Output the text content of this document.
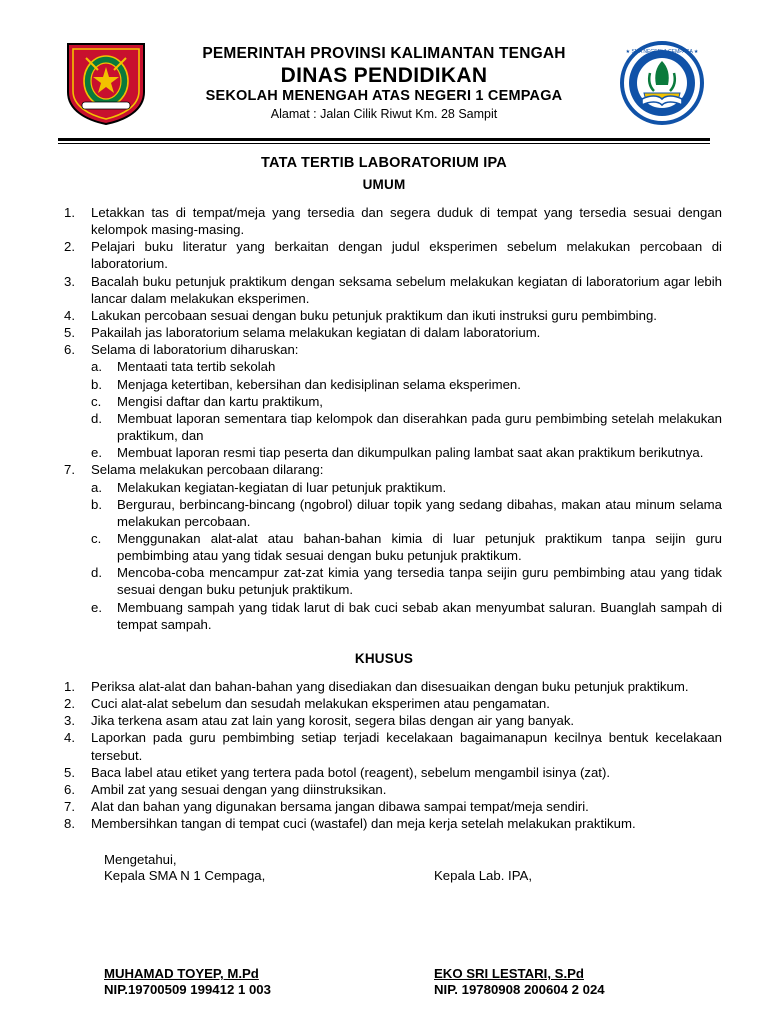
PEMERINTAH PROVINSI KALIMANTAN TENGAH
DINAS PENDIDIKAN
SEKOLAH MENENGAH ATAS NEGERI 1 CEMPAGA
Alamat : Jalan Cilik Riwut Km. 28 Sampit
★ SMA NEGERI 1 CEMPAGA ★
TATA TERTIB LABORATORIUM IPA
UMUM
1.	Letakkan tas di tempat/meja yang tersedia dan segera duduk di tempat yang tersedia sesuai dengan kelompok masing-masing.
2.	Pelajari buku literatur yang berkaitan dengan judul eksperimen sebelum melakukan percobaan di laboratorium.
3.	Bacalah buku petunjuk praktikum dengan seksama sebelum melakukan kegiatan di laboratorium agar lebih lancar dalam melakukan eksperimen.
4.	Lakukan percobaan sesuai dengan buku petunjuk praktikum dan ikuti instruksi guru pembimbing.
5.	Pakailah jas laboratorium selama melakukan kegiatan di dalam laboratorium.
6.	Selama di laboratorium diharuskan:
a.	Mentaati tata tertib sekolah
b.	Menjaga ketertiban, kebersihan dan kedisiplinan selama eksperimen.
c.	Mengisi daftar dan kartu praktikum,
d.	Membuat laporan sementara tiap kelompok dan diserahkan pada guru pembimbing setelah melakukan praktikum, dan
e.	Membuat laporan resmi tiap peserta dan dikumpulkan paling lambat saat akan praktikum berikutnya.
7.	Selama melakukan percobaan dilarang:
a.	Melakukan kegiatan-kegiatan di luar petunjuk praktikum.
b.	Bergurau, berbincang-bincang (ngobrol) diluar topik yang sedang dibahas, makan atau minum selama melakukan percobaan.
c.	Menggunakan alat-alat atau bahan-bahan kimia di luar petunjuk praktikum tanpa seijin guru pembimbing atau yang tidak sesuai dengan buku petunjuk praktikum.
d.	Mencoba-coba mencampur zat-zat kimia yang tersedia tanpa seijin guru pembimbing atau yang tidak sesuai dengan buku petunjuk praktikum.
e.	Membuang sampah yang tidak larut di bak cuci sebab akan menyumbat saluran. Buanglah sampah di tempat sampah.
KHUSUS
1.	Periksa alat-alat dan bahan-bahan yang disediakan dan disesuaikan dengan buku petunjuk praktikum.
2.	Cuci alat-alat sebelum dan sesudah melakukan eksperimen atau pengamatan.
3.	Jika terkena asam atau zat lain yang korosit, segera bilas dengan air yang banyak.
4.	Laporkan pada guru pembimbing setiap terjadi kecelakaan bagaimanapun kecilnya bentuk kecelakaan tersebut.
5.	Baca label atau etiket yang tertera pada botol (reagent), sebelum mengambil isinya (zat).
6.	Ambil zat yang sesuai dengan yang diinstruksikan.
7.	Alat dan bahan yang digunakan bersama jangan dibawa sampai tempat/meja sendiri.
8.	Membersihkan tangan di tempat cuci (wastafel) dan meja kerja setelah melakukan praktikum.
Mengetahui,
Kepala SMA N 1 Cempaga,
	Kepala Lab. IPA,
MUHAMAD TOYEP, M.Pd
NIP.19700509 199412 1 003
EKO SRI LESTARI, S.Pd
NIP. 19780908 200604 2 024
